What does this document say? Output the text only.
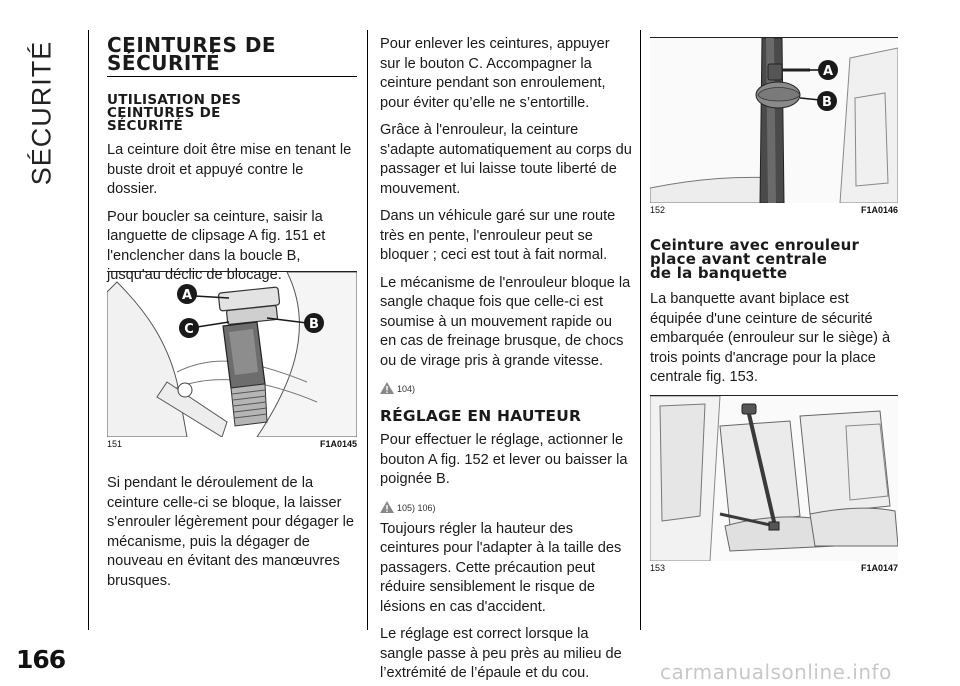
SÉCURITÉ
166	carmanualsonline.info
CEINTURES DE
SÉCURITÉ
UTILISATION DES
CEINTURES DE
SÉCURITÉ

La ceinture doit être mise en tenant le buste droit et appuyé contre le dossier.

Pour boucler sa ceinture, saisir la languette de clipsage A fig. 151 et l'enclencher dans la boucle B, jusqu'au déclic de blocage.

A
C	B
151	F1A0145

Si pendant le déroulement de la ceinture celle-ci se bloque, la laisser s'enrouler légèrement pour dégager le mécanisme, puis la dégager de nouveau en évitant des manœuvres brusques.

Pour enlever les ceintures, appuyer sur le bouton C. Accompagner la ceinture pendant son enroulement, pour éviter qu’elle ne s’entortille.

Grâce à l'enrouleur, la ceinture s'adapte automatiquement au corps du passager et lui laisse toute liberté de mouvement.

Dans un véhicule garé sur une route très en pente, l'enrouleur peut se bloquer ; ceci est tout à fait normal.

Le mécanisme de l'enrouleur bloque la sangle chaque fois que celle-ci est soumise à un mouvement rapide ou en cas de freinage brusque, de chocs ou de virage pris à grande vitesse.

104)
RÉGLAGE EN HAUTEUR

Pour effectuer le réglage, actionner le bouton A fig. 152 et lever ou baisser la poignée B.

105) 106)

Toujours régler la hauteur des ceintures pour l'adapter à la taille des passagers. Cette précaution peut réduire sensiblement le risque de lésions en cas d'accident.

Le réglage est correct lorsque la sangle passe à peu près au milieu de l’extrémité de l’épaule et du cou.

A
B
152	F1A0146
Ceinture avec enrouleur
place avant centrale
de la banquette

La banquette avant biplace est équipée d'une ceinture de sécurité embarquée (enrouleur sur le siège) à trois points d'ancrage pour la place centrale fig. 153.

153	F1A0147
